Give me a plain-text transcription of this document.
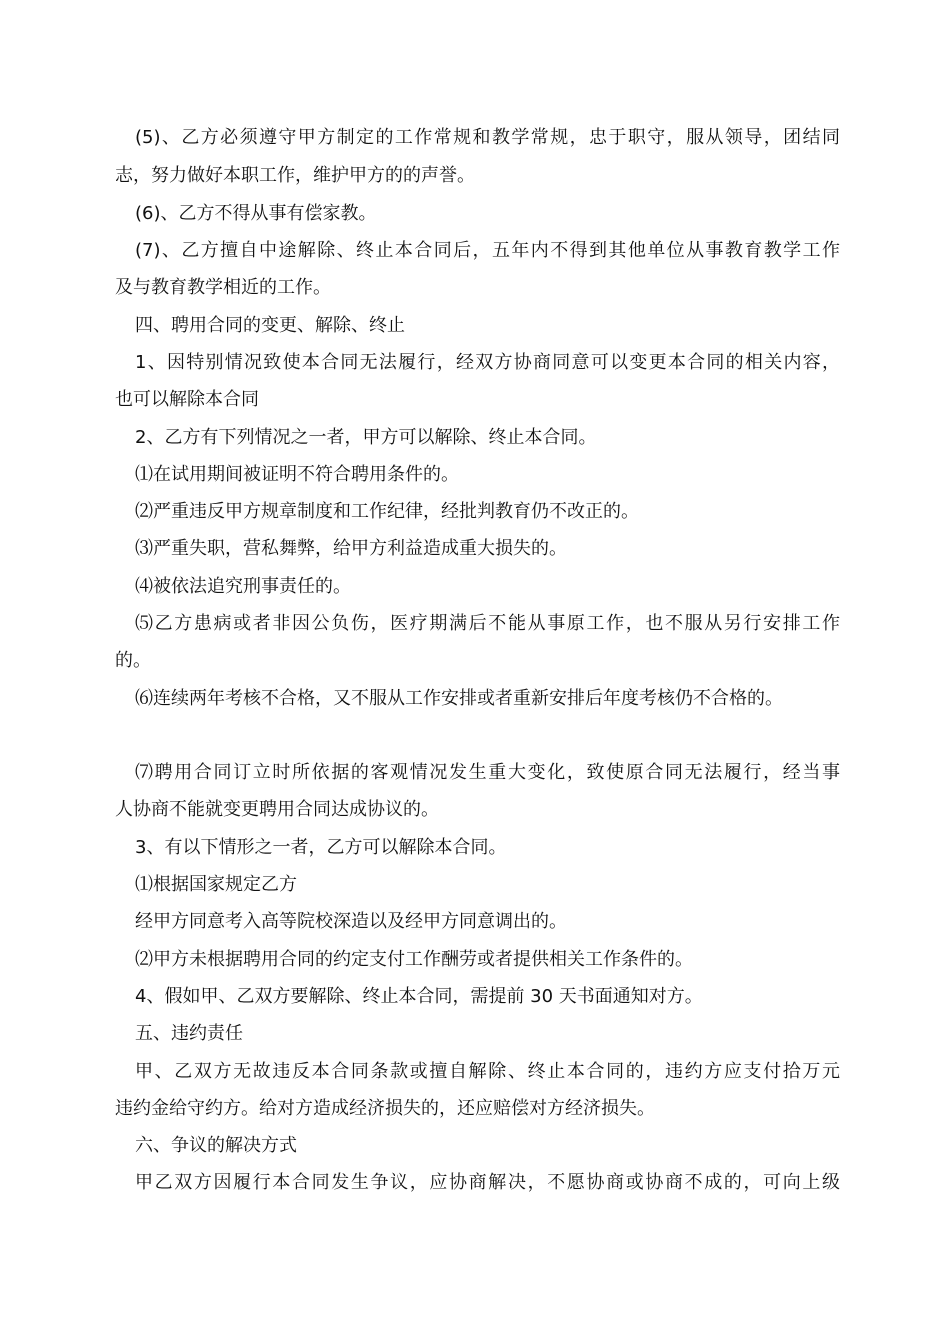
(5)、乙方必须遵守甲方制定的工作常规和教学常规，忠于职守，服从领导，团结同
志，努力做好本职工作，维护甲方的的声誉。
(6)、乙方不得从事有偿家教。
(7)、乙方擅自中途解除、终止本合同后，五年内不得到其他单位从事教育教学工作
及与教育教学相近的工作。
四、聘用合同的变更、解除、终止
1、因特别情况致使本合同无法履行，经双方协商同意可以变更本合同的相关内容，
也可以解除本合同
2、乙方有下列情况之一者，甲方可以解除、终止本合同。
⑴在试用期间被证明不符合聘用条件的。
⑵严重违反甲方规章制度和工作纪律，经批判教育仍不改正的。
⑶严重失职，营私舞弊，给甲方利益造成重大损失的。
⑷被依法追究刑事责任的。
⑸乙方患病或者非因公负伤，医疗期满后不能从事原工作，也不服从另行安排工作
的。
⑹连续两年考核不合格，又不服从工作安排或者重新安排后年度考核仍不合格的。
⑺聘用合同订立时所依据的客观情况发生重大变化，致使原合同无法履行，经当事
人协商不能就变更聘用合同达成协议的。
3、有以下情形之一者，乙方可以解除本合同。
⑴根据国家规定乙方
经甲方同意考入高等院校深造以及经甲方同意调出的。
⑵甲方未根据聘用合同的约定支付工作酬劳或者提供相关工作条件的。
4、假如甲、乙双方要解除、终止本合同，需提前 30 天书面通知对方。
五、违约责任
甲、乙双方无故违反本合同条款或擅自解除、终止本合同的，违约方应支付拾万元
违约金给守约方。给对方造成经济损失的，还应赔偿对方经济损失。
六、争议的解决方式
甲乙双方因履行本合同发生争议，应协商解决，不愿协商或协商不成的，可向上级
